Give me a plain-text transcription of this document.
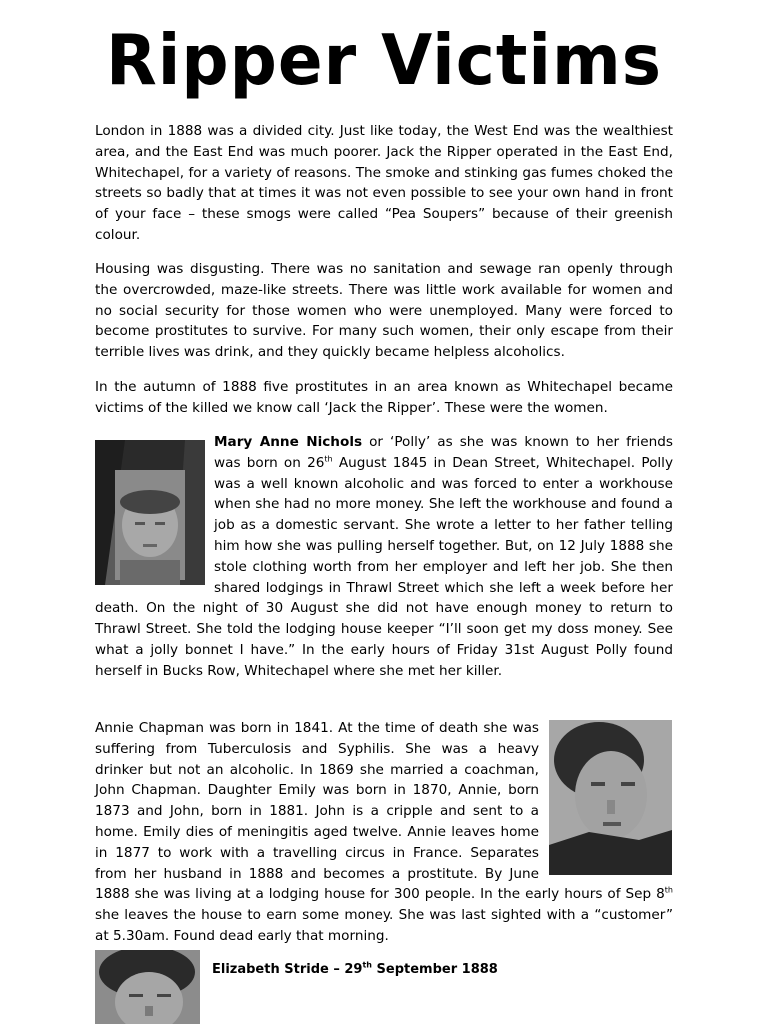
Ripper Victims

London in 1888 was a divided city. Just like today, the West End was the wealthiest area, and the East End was much poorer. Jack the Ripper operated in the East End, Whitechapel, for a variety of reasons. The smoke and stinking gas fumes choked the streets so badly that at times it was not even possible to see your own hand in front of your face – these smogs were called “Pea Soupers” because of their greenish colour.

Housing was disgusting. There was no sanitation and sewage ran openly through the overcrowded, maze-like streets. There was little work available for women and no social security for those women who were unemployed. Many were forced to become prostitutes to survive. For many such women, their only escape from their terrible lives was drink, and they quickly became helpless alcoholics.

In the autumn of 1888 five prostitutes in an area known as Whitechapel became victims of the killed we know call ‘Jack the Ripper’. These were the women.

Mary Anne Nichols or ‘Polly’ as she was known to her friends was born on 26th August 1845 in Dean Street, Whitechapel. Polly was a well known alcoholic and was forced to enter a workhouse when she had no more money. She left the workhouse and found a job as a domestic servant. She wrote a letter to her father telling him how she was pulling herself together. But, on 12 July 1888 she stole clothing worth from her employer and left her job. She then shared lodgings in Thrawl Street which she left a week before her death. On the night of 30 August she did not have enough money to return to Thrawl Street. She told the lodging house keeper “I’ll soon get my doss money. See what a jolly bonnet I have.” In the early hours of Friday 31st August Polly found herself in Bucks Row, Whitechapel where she met her killer.

Annie Chapman was born in 1841. At the time of death she was suffering from Tuberculosis and Syphilis. She was a heavy drinker but not an alcoholic. In 1869 she married a coachman, John Chapman. Daughter Emily was born in 1870, Annie, born 1873 and John, born in 1881. John is a cripple and sent to a home. Emily dies of meningitis aged twelve. Annie leaves home in 1877 to work with a travelling circus in France. Separates from her husband in 1888 and becomes a prostitute. By June 1888 she was living at a lodging house for 300 people. In the early hours of Sep 8th she leaves the house to earn some money. She was last sighted with a “customer” at 5.30am. Found dead early that morning.

Elizabeth Stride – 29th September 1888
